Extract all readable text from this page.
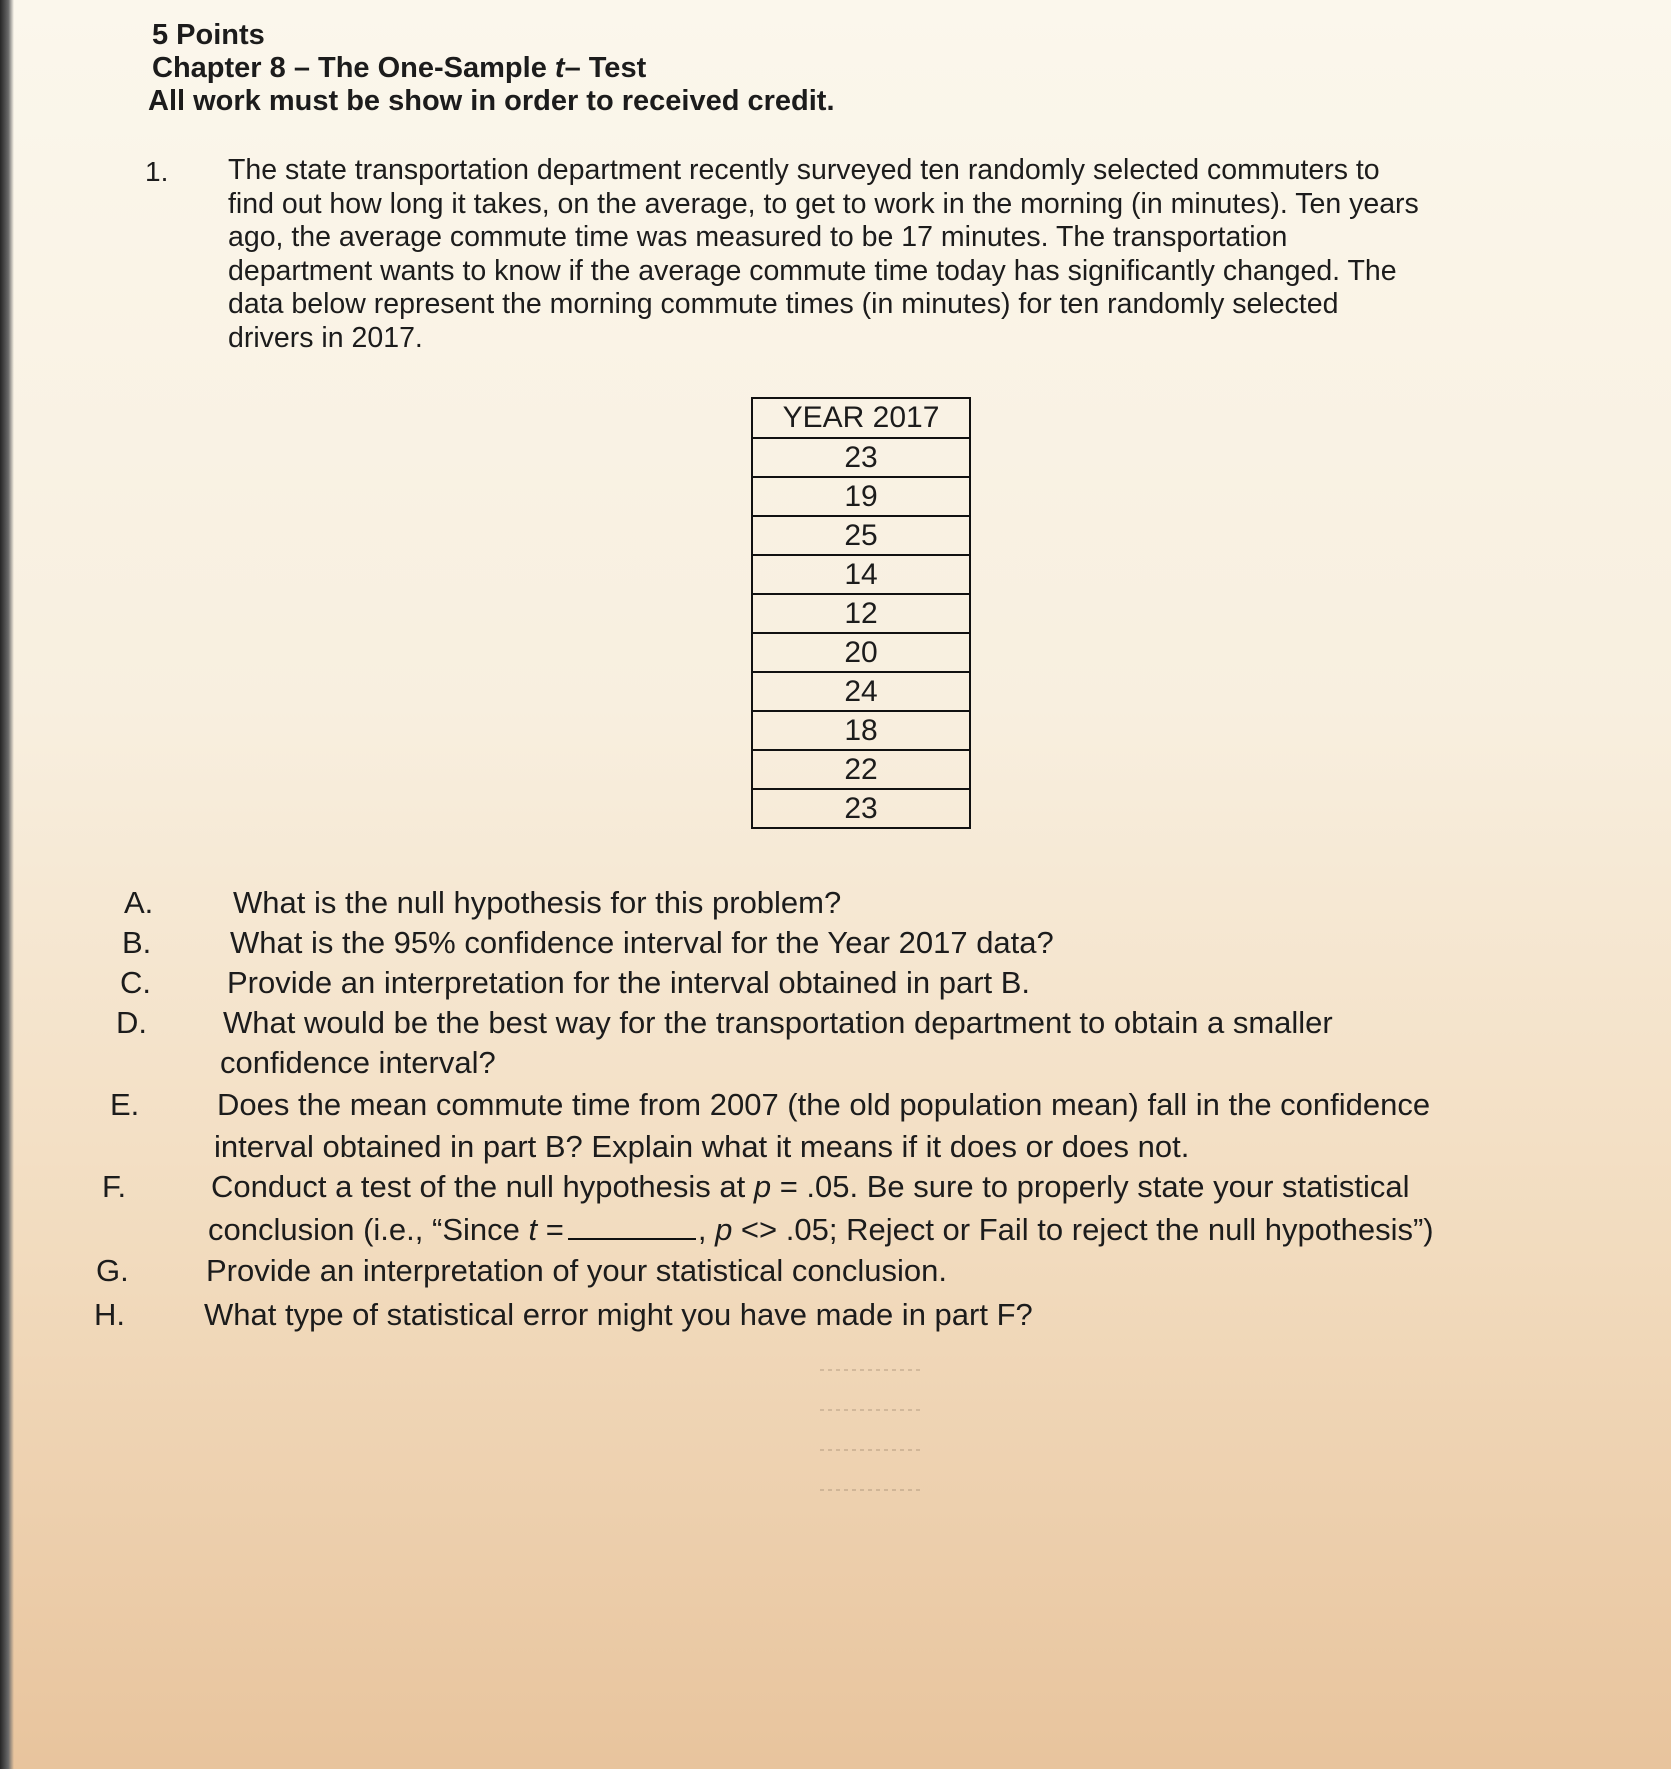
5 Points
Chapter 8 – The One-Sample t– Test
All work must be show in order to received credit.
1. The state transportation department recently surveyed ten randomly selected commuters to

find out how long it takes, on the average, to get to work in the morning (in minutes). Ten years

ago, the average commute time was measured to be 17 minutes. The transportation

department wants to know if the average commute time today has significantly changed. The

data below represent the morning commute times (in minutes) for ten randomly selected

drivers in 2017.

YEAR 2017
23
19
25
14
12
20
24
18
22
23
A.	What is the null hypothesis for this problem?
B.	What is the 95% confidence interval for the Year 2017 data?
C. Provide an interpretation for the interval obtained in part B.
D. What would be the best way for the transportation department to obtain a smaller
confidence interval?
E.	Does the mean commute time from 2007 (the old population mean) fall in the confidence
interval obtained in part B? Explain what it means if it does or does not.
F.	Conduct a test of the null hypothesis at p = .05. Be sure to properly state your statistical
conclusion (i.e., “Since t =	, p <> .05; Reject or Fail to reject the null hypothesis”)
G. Provide an interpretation of your statistical conclusion.
H.	What type of statistical error might you have made in part F?
